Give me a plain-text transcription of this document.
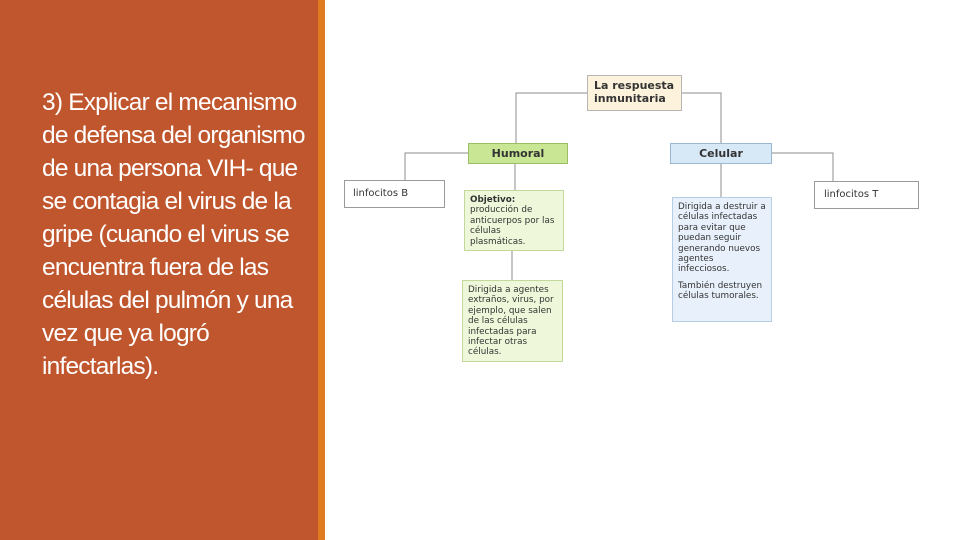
3) Explicar el mecanismo de defensa del organismo de una persona VIH- que se contagia el virus de la gripe (cuando el virus se encuentra fuera de las células del pulmón y una vez que ya logró infectarlas).

La respuesta inmunitaria
Humoral	Celular
linfocitos B	linfocitos T
Objetivo: producción de anticuerpos por las células plasmáticas.
Dirigida a agentes extraños, virus, por ejemplo, que salen de las células infectadas para infectar otras células.

Dirigida a destruir a células infectadas para evitar que puedan seguir generando nuevos agentes infecciosos.

También destruyen células tumorales.
